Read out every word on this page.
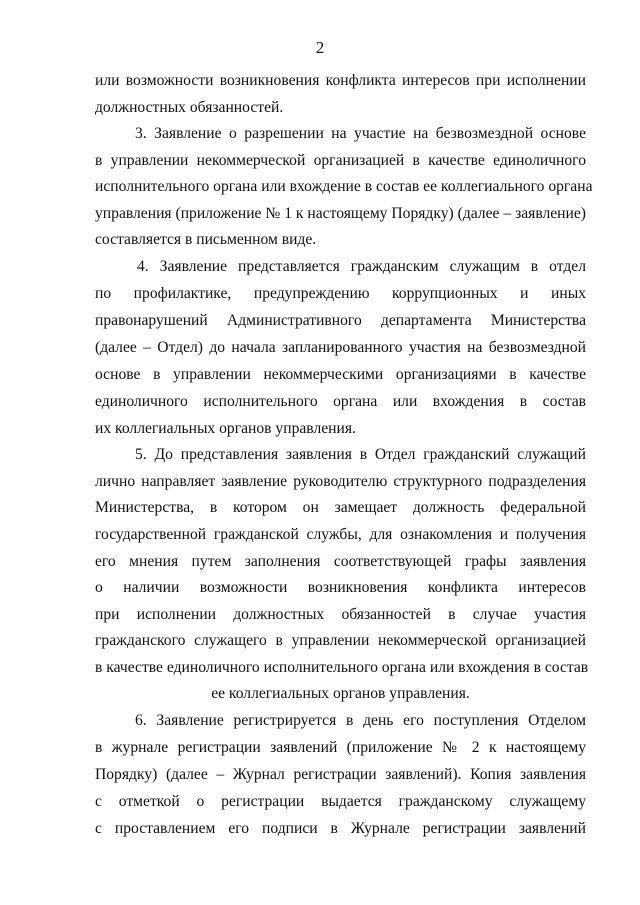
2
или возможности возникновения конфликта интересов при исполнении
должностных обязанностей.
3. Заявление о разрешении на участие на безвозмездной основе
в управлении некоммерческой организацией в качестве единоличного
исполнительного органа или вхождение в состав ее коллегиального органа
управления (приложение № 1 к настоящему Порядку) (далее – заявление)
составляется в письменном виде.
4. Заявление представляется гражданским служащим в отдел
по профилактике, предупреждению коррупционных и иных
правонарушений Административного департамента Министерства
(далее – Отдел) до начала запланированного участия на безвозмездной
основе в управлении некоммерческими организациями в качестве
единоличного исполнительного органа или вхождения в состав
их коллегиальных органов управления.
5. До представления заявления в Отдел гражданский служащий
лично направляет заявление руководителю структурного подразделения
Министерства, в котором он замещает должность федеральной
государственной гражданской службы, для ознакомления и получения
его мнения путем заполнения соответствующей графы заявления
о наличии возможности возникновения конфликта интересов
при исполнении должностных обязанностей в случае участия
гражданского служащего в управлении некоммерческой организацией
в качестве единоличного исполнительного органа или вхождения в состав
ее коллегиальных органов управления.
6. Заявление регистрируется в день его поступления Отделом
в журнале регистрации заявлений (приложение № 2 к настоящему
Порядку) (далее – Журнал регистрации заявлений). Копия заявления
с отметкой о регистрации выдается гражданскому служащему
с проставлением его подписи в Журнале регистрации заявлений
